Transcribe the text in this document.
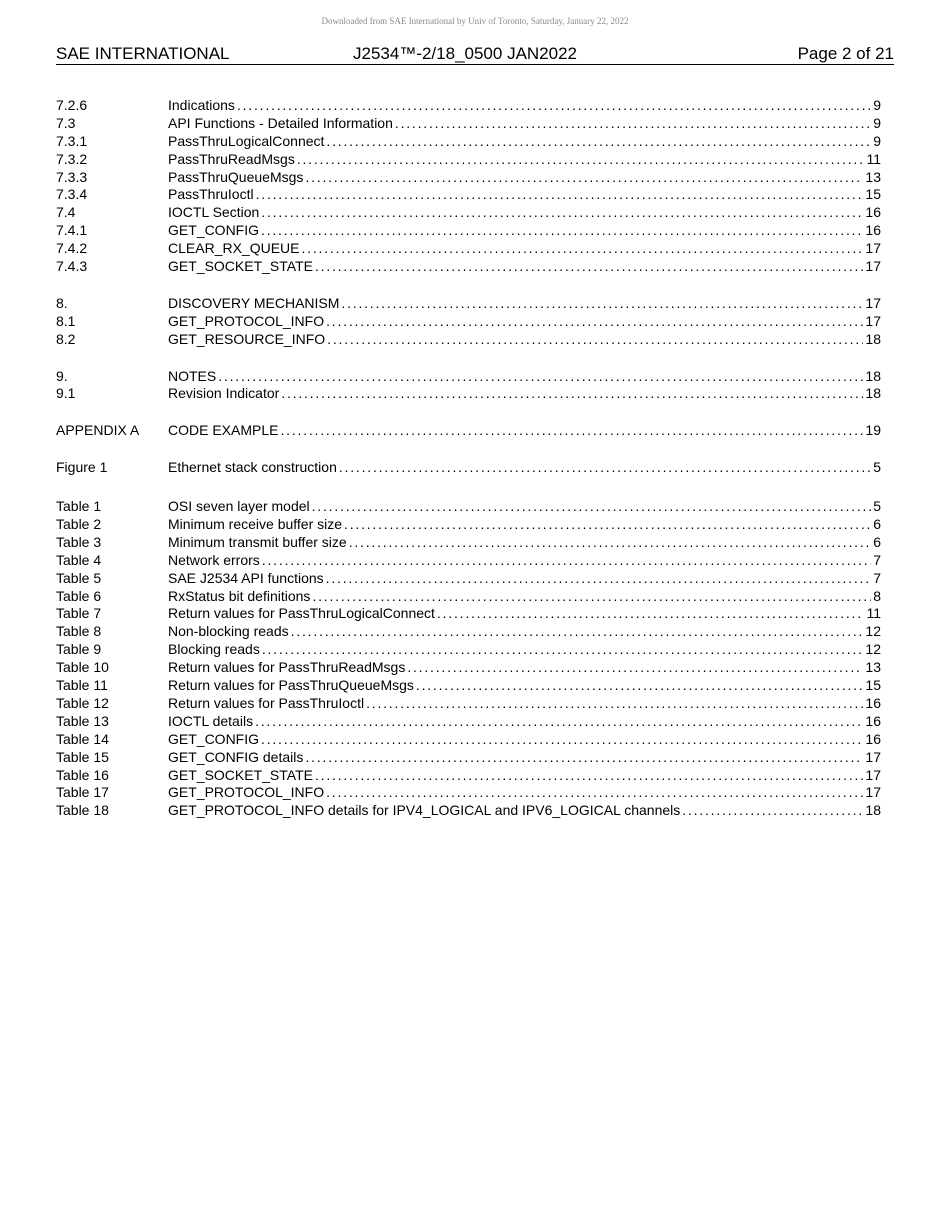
Downloaded from SAE International by Univ of Toronto, Saturday, January 22, 2022
SAE INTERNATIONAL	J2534™-2/18_0500 JAN2022	Page 2 of 21
7.2.6	Indications . . .	9
7.3	API Functions - Detailed Information . . .	9
7.3.1	PassThruLogicalConnect . . .	9
7.3.2	PassThruReadMsgs . . .	11
7.3.3	PassThruQueueMsgs . . .	13
7.3.4	PassThruIoctl . . .	15
7.4	IOCTL Section . . .	16
7.4.1	GET_CONFIG . . .	16
7.4.2	CLEAR_RX_QUEUE . . .	17
7.4.3	GET_SOCKET_STATE . . .	17
8.	DISCOVERY MECHANISM . . .	17
8.1	GET_PROTOCOL_INFO . . .	17
8.2	GET_RESOURCE_INFO . . .	18
9.	NOTES . . .	18
9.1	Revision Indicator . . .	18
APPENDIX A	CODE EXAMPLE . . .	19
Figure 1	Ethernet stack construction . . .	5
Table 1	OSI seven layer model . . .	5
Table 2	Minimum receive buffer size . . .	6
Table 3	Minimum transmit buffer size . . .	6
Table 4	Network errors . . .	7
Table 5	SAE J2534 API functions . . .	7
Table 6	RxStatus bit definitions . . .	8
Table 7	Return values for PassThruLogicalConnect . . .	11
Table 8	Non-blocking reads . . .	12
Table 9	Blocking reads . . .	12
Table 10	Return values for PassThruReadMsgs . . .	13
Table 11	Return values for PassThruQueueMsgs . . .	15
Table 12	Return values for PassThruIoctl . . .	16
Table 13	IOCTL details . . .	16
Table 14	GET_CONFIG . . .	16
Table 15	GET_CONFIG details . . .	17
Table 16	GET_SOCKET_STATE . . .	17
Table 17	GET_PROTOCOL_INFO . . .	17
Table 18	GET_PROTOCOL_INFO details for IPV4_LOGICAL and IPV6_LOGICAL channels . . .	18
